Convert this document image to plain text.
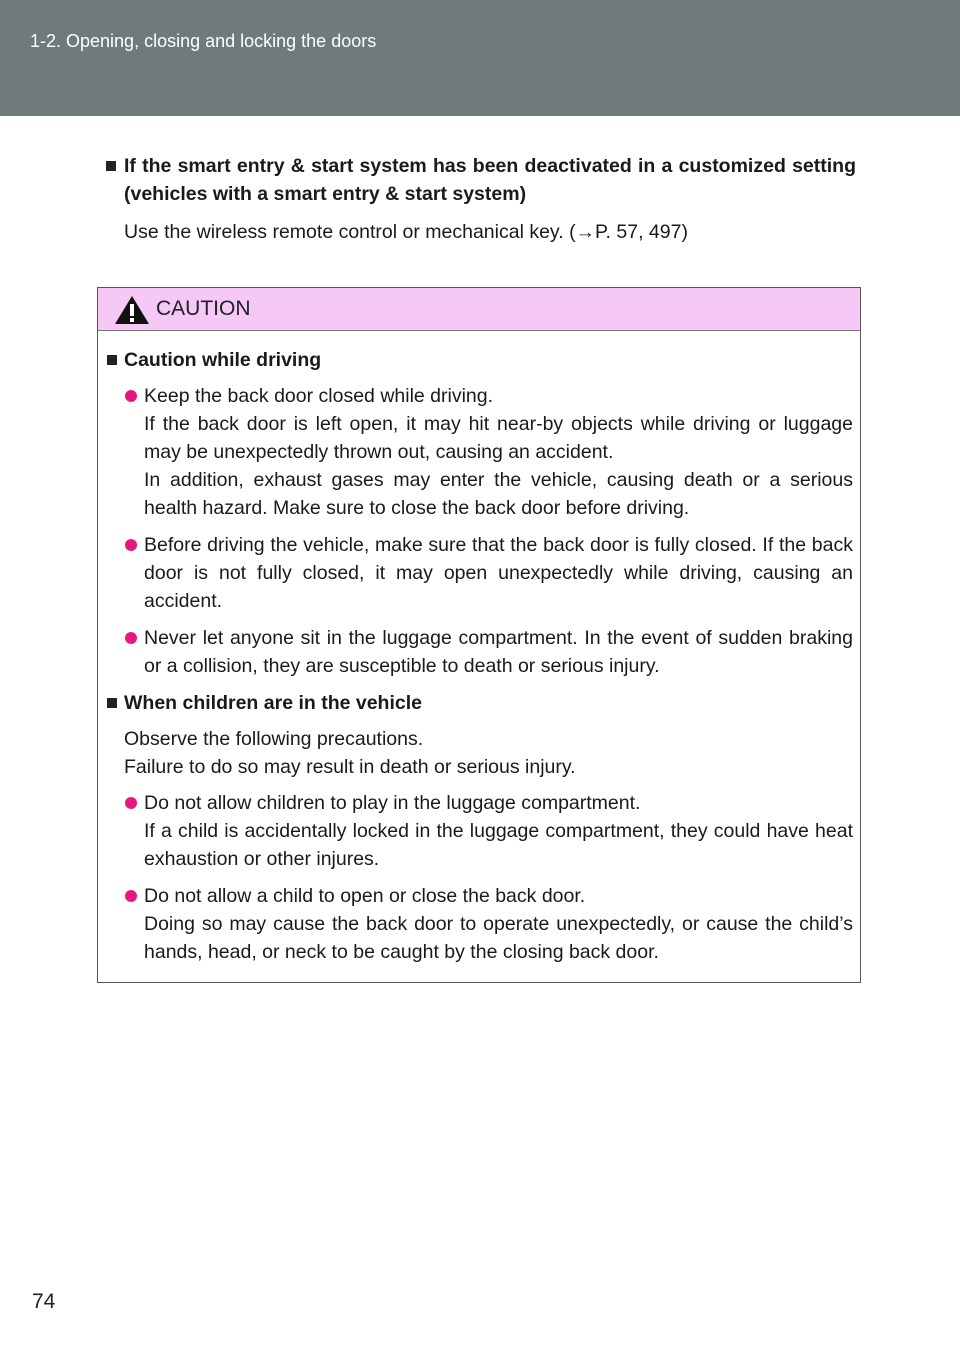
1-2. Opening, closing and locking the doors
If the smart entry & start system has been deactivated in a customized setting (vehicles with a smart entry & start system)
Use the wireless remote control or mechanical key. (→P. 57, 497)
CAUTION
Caution while driving
Keep the back door closed while driving.
If the back door is left open, it may hit near-by objects while driving or luggage may be unexpectedly thrown out, causing an accident.
In addition, exhaust gases may enter the vehicle, causing death or a serious health hazard. Make sure to close the back door before driving.
Before driving the vehicle, make sure that the back door is fully closed. If the back door is not fully closed, it may open unexpectedly while driving, causing an accident.
Never let anyone sit in the luggage compartment. In the event of sudden braking or a collision, they are susceptible to death or serious injury.
When children are in the vehicle
Observe the following precautions.
Failure to do so may result in death or serious injury.
Do not allow children to play in the luggage compartment.
If a child is accidentally locked in the luggage compartment, they could have heat exhaustion or other injures.
Do not allow a child to open or close the back door.
Doing so may cause the back door to operate unexpectedly, or cause the child’s hands, head, or neck to be caught by the closing back door.
74
